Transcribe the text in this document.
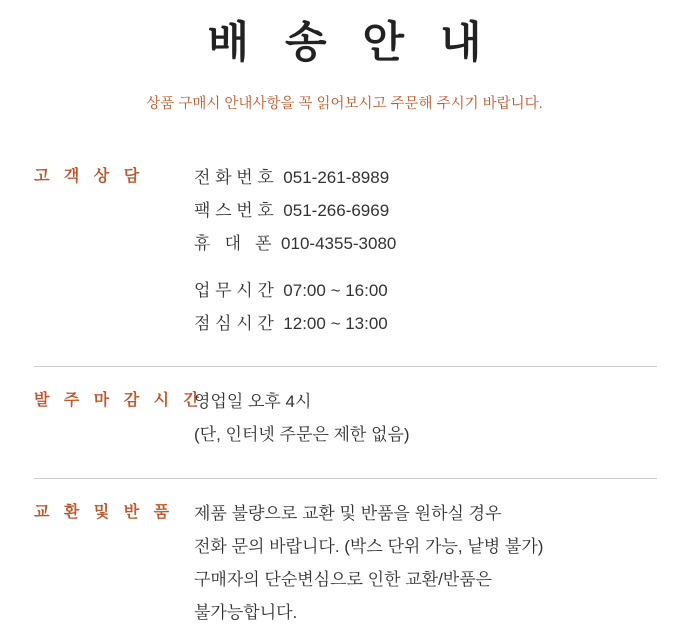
배 송 안 내
상품 구매시 안내사항을 꼭 읽어보시고 주문해 주시기 바랍니다.
고 객 상 담	전 화 번 호  051-261-8989
팩 스 번 호  051-266-6969
휴   대   폰  010-4355-3080
업 무 시 간  07:00 ~ 16:00
점 심 시 간  12:00 ~ 13:00
발 주 마 감 시 간
영업일 오후 4시
(단, 인터넷 주문은 제한 없음)
교 환 및 반 품	제품 불량으로 교환 및 반품을 원하실 경우
전화 문의 바랍니다. (박스 단위 가능, 낱병 불가)
구매자의 단순변심으로 인한 교환/반품은
불가능합니다.
